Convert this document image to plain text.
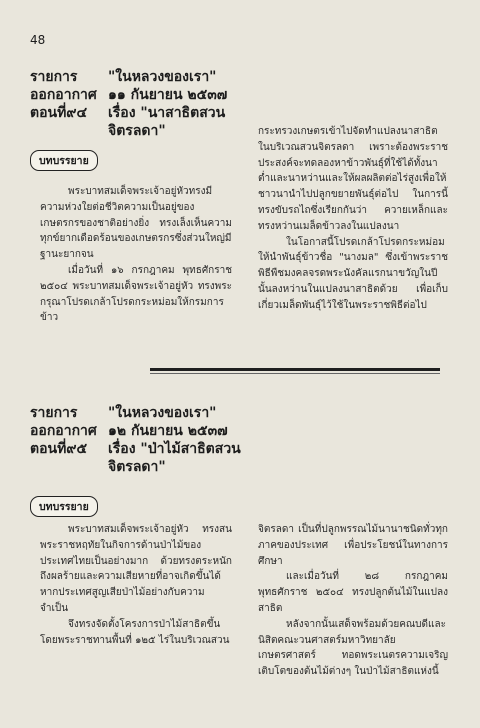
48
รายการ	"ในหลวงของเรา"
ออกอากาศ ๑๑ กันยายน ๒๕๓๗
ตอนที่๙๔	เรื่อง "นาสาธิตสวน
จิตรลดา"
บทบรรยาย

พระบาทสมเด็จพระเจ้าอยู่หัวทรงมีความห่วงใยต่อชีวิตความเป็นอยู่ของเกษตรกรของชาติอย่างยิ่ง ทรงเล็งเห็นความทุกข์ยากเดือดร้อนของเกษตรกรซึ่งส่วนใหญ่มีฐานะยากจน

เมื่อวันที่ ๑๖ กรกฎาคม พุทธศักราช ๒๕๐๔ พระบาทสมเด็จพระเจ้าอยู่หัว ทรงพระกรุณาโปรดเกล้าโปรดกระหม่อมให้กรมการข้าว

กระทรวงเกษตรเข้าไปจัดทำแปลงนาสาธิตในบริเวณสวนจิตรลดา เพราะต้องพระราชประสงค์จะทดลองหาข้าวพันธุ์ที่ใช้ได้ทั้งนาต่ำและนาหว่านและให้ผลผลิตต่อไร่สูงเพื่อให้ชาวนานำไปปลูกขยายพันธุ์ต่อไป ในการนี้ทรงขับรถไถซึ่งเรียกกันว่า ควายเหล็กและทรงหว่านเมล็ดข้าวลงในแปลงนา

ในโอกาสนี้โปรดเกล้าโปรดกระหม่อมให้นำพันธุ์ข้าวชื่อ "นางมล" ซึ่งเข้าพระราชพิธีพืชมงคลจรดพระนังคัลแรกนาขวัญในปีนั้นลงหว่านในแปลงนาสาธิตด้วย เพื่อเก็บเกี่ยวเมล็ดพันธุ์ไว้ใช้ในพระราชพิธีต่อไป

รายการ	"ในหลวงของเรา"
ออกอากาศ ๑๒ กันยายน ๒๕๓๗
ตอนที่๙๕	เรื่อง "ป่าไม้สาธิตสวน
จิตรลดา"
บทบรรยาย

พระบาทสมเด็จพระเจ้าอยู่หัว ทรงสนพระราชหฤทัยในกิจการด้านป่าไม้ของประเทศไทยเป็นอย่างมาก ด้วยทรงตระหนักถึงผลร้ายและความเสียหายที่อาจเกิดขึ้นได้ หากประเทศสูญเสียป่าไม้อย่างกับความจำเป็น

จึงทรงจัดตั้งโครงการป่าไม้สาธิตขึ้นโดยพระราชทานพื้นที่ ๑๒๕ ไร่ในบริเวณสวน

จิตรลดา เป็นที่ปลูกพรรณไม้นานาชนิดทั่วทุกภาคของประเทศ เพื่อประโยชน์ในทางการศึกษา

และเมื่อวันที่ ๒๘ กรกฎาคม พุทธศักราช ๒๕๐๔ ทรงปลูกต้นไม้ในแปลงสาธิต

หลังจากนั้นเสด็จพร้อมด้วยคณบดีและนิสิตคณะวนศาสตร์มหาวิทยาลัยเกษตรศาสตร์ ทอดพระเนตรความเจริญเติบโตของต้นไม้ต่างๆ ในป่าไม้สาธิตแห่งนี้
